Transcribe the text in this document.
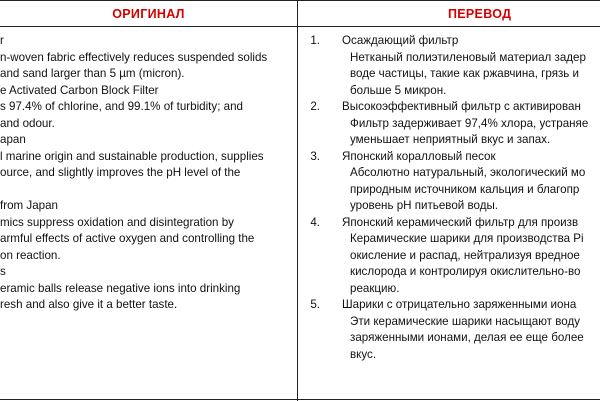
ОРИГИНАЛ	ПЕРЕВОД
r
n-woven fabric effectively reduces suspended solids
and sand larger than 5 µm (micron).
e Activated Carbon Block Filter
s 97.4% of chlorine, and 99.1% of turbidity; and
and odour.
apan
l marine origin and sustainable production, supplies
ource, and slightly improves the pH level of the
from Japan
mics suppress oxidation and disintegration by
armful effects of active oxygen and controlling the
on reaction.
s
eramic balls release negative ions into drinking
resh and also give it a better taste.
1. Осаждающий фильтр
Нетканый полиэтиленовый материал задер
воде частицы, такие как ржавчина, грязь и
больше 5 микрон.
2. Высокоэффективный фильтр с активирован
Фильтр задерживает 97,4% хлора, устраняе
уменьшает неприятный вкус и запах.
3. Японский коралловый песок
Абсолютно натуральный, экологический мо
природным источником кальция и благопр
уровень pH питьевой воды.
4. Японский керамический фильтр для произв
Керамические шарики для производства Pi
окисление и распад, нейтрализуя вредное
кислорода и контролируя окислительно-во
реакцию.
5. Шарики с отрицательно заряженными иона
Эти керамические шарики насыщают воду
заряженными ионами, делая ее еще более
вкус.
